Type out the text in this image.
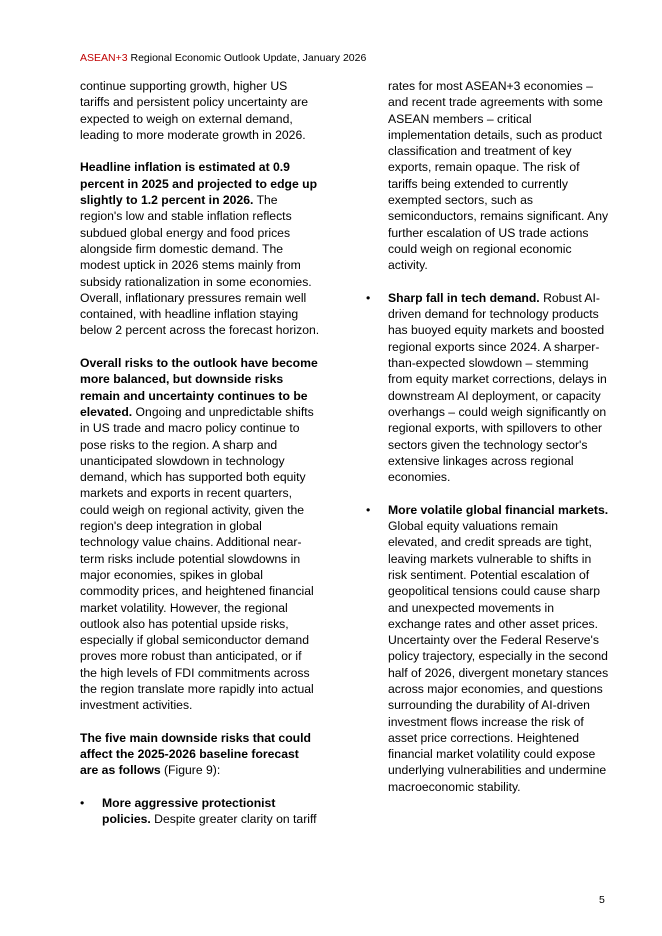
ASEAN+3 Regional Economic Outlook Update, January 2026

continue supporting growth, higher US tariffs and persistent policy uncertainty are expected to weigh on external demand, leading to more moderate growth in 2026.

Headline inflation is estimated at 0.9 percent in 2025 and projected to edge up slightly to 1.2 percent in 2026. The region's low and stable inflation reflects subdued global energy and food prices alongside firm domestic demand. The modest uptick in 2026 stems mainly from subsidy rationalization in some economies. Overall, inflationary pressures remain well contained, with headline inflation staying below 2 percent across the forecast horizon.

Overall risks to the outlook have become more balanced, but downside risks remain and uncertainty continues to be elevated. Ongoing and unpredictable shifts in US trade and macro policy continue to pose risks to the region. A sharp and unanticipated slowdown in technology demand, which has supported both equity markets and exports in recent quarters, could weigh on regional activity, given the region's deep integration in global technology value chains. Additional near-term risks include potential slowdowns in major economies, spikes in global commodity prices, and heightened financial market volatility. However, the regional outlook also has potential upside risks, especially if global semiconductor demand proves more robust than anticipated, or if the high levels of FDI commitments across the region translate more rapidly into actual investment activities.

The five main downside risks that could affect the 2025-2026 baseline forecast are as follows (Figure 9):

• More aggressive protectionist policies. Despite greater clarity on tariff
rates for most ASEAN+3 economies – and recent trade agreements with some ASEAN members – critical implementation details, such as product classification and treatment of key exports, remain opaque. The risk of tariffs being extended to currently exempted sectors, such as semiconductors, remains significant. Any further escalation of US trade actions could weigh on regional economic activity.
• Sharp fall in tech demand. Robust AI-driven demand for technology products has buoyed equity markets and boosted regional exports since 2024. A sharper-than-expected slowdown – stemming from equity market corrections, delays in downstream AI deployment, or capacity overhangs – could weigh significantly on regional exports, with spillovers to other sectors given the technology sector's extensive linkages across regional economies.
• More volatile global financial markets. Global equity valuations remain elevated, and credit spreads are tight, leaving markets vulnerable to shifts in risk sentiment. Potential escalation of geopolitical tensions could cause sharp and unexpected movements in exchange rates and other asset prices. Uncertainty over the Federal Reserve's policy trajectory, especially in the second half of 2026, divergent monetary stances across major economies, and questions surrounding the durability of AI-driven investment flows increase the risk of asset price corrections. Heightened financial market volatility could expose underlying vulnerabilities and undermine macroeconomic stability.
5
